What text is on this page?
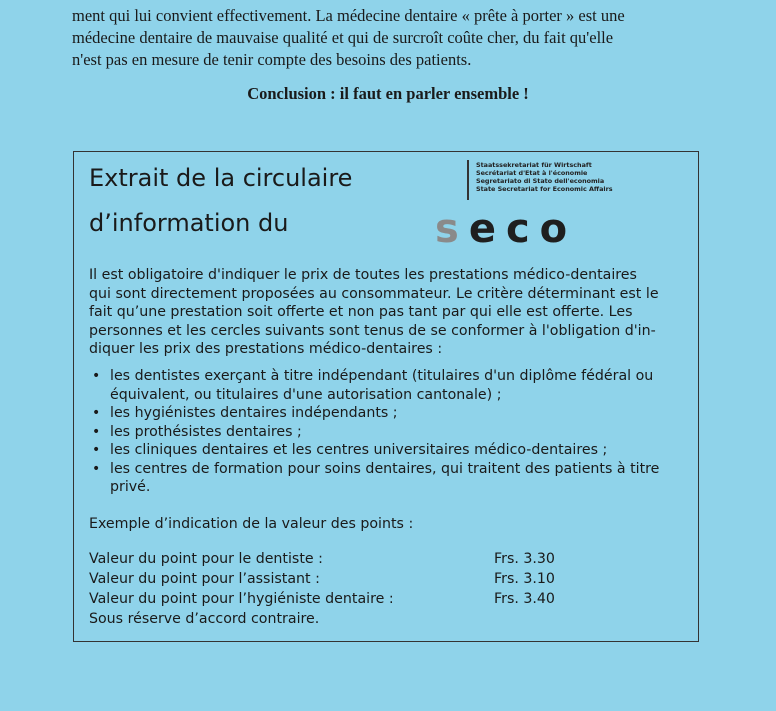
ment qui lui convient effectivement. La médecine dentaire « prête à porter » est une
médecine dentaire de mauvaise qualité et qui de surcroît coûte cher, du fait qu'elle
n'est pas en mesure de tenir compte des besoins des patients.
Conclusion : il faut en parler ensemble !
Extrait de la circulaire
d’information du
Staatssekretariat für Wirtschaft
Secrétariat d'Etat à l'économie
Segretariato di Stato dell'economia
State Secretariat for Economic Affairs
seco
Il est obligatoire d'indiquer le prix de toutes les prestations médico-dentaires
qui sont directement proposées au consommateur. Le critère déterminant est le
fait qu’une prestation soit offerte et non pas tant par qui elle est offerte. Les
personnes et les cercles suivants sont tenus de se conformer à l'obligation d'in-
diquer les prix des prestations médico-dentaires :
• les dentistes exerçant à titre indépendant (titulaires d'un diplôme fédéral ou
équivalent, ou titulaires d'une autorisation cantonale) ;
• les hygiénistes dentaires indépendants ;
• les prothésistes dentaires ;
• les cliniques dentaires et les centres universitaires médico-dentaires ;
• les centres de formation pour soins dentaires, qui traitent des patients à titre
privé.
Exemple d’indication de la valeur des points :
Valeur du point pour le dentiste :	Frs. 3.30
Valeur du point pour l’assistant :	Frs. 3.10
Valeur du point pour l’hygiéniste dentaire :	Frs. 3.40
Sous réserve d’accord contraire.
